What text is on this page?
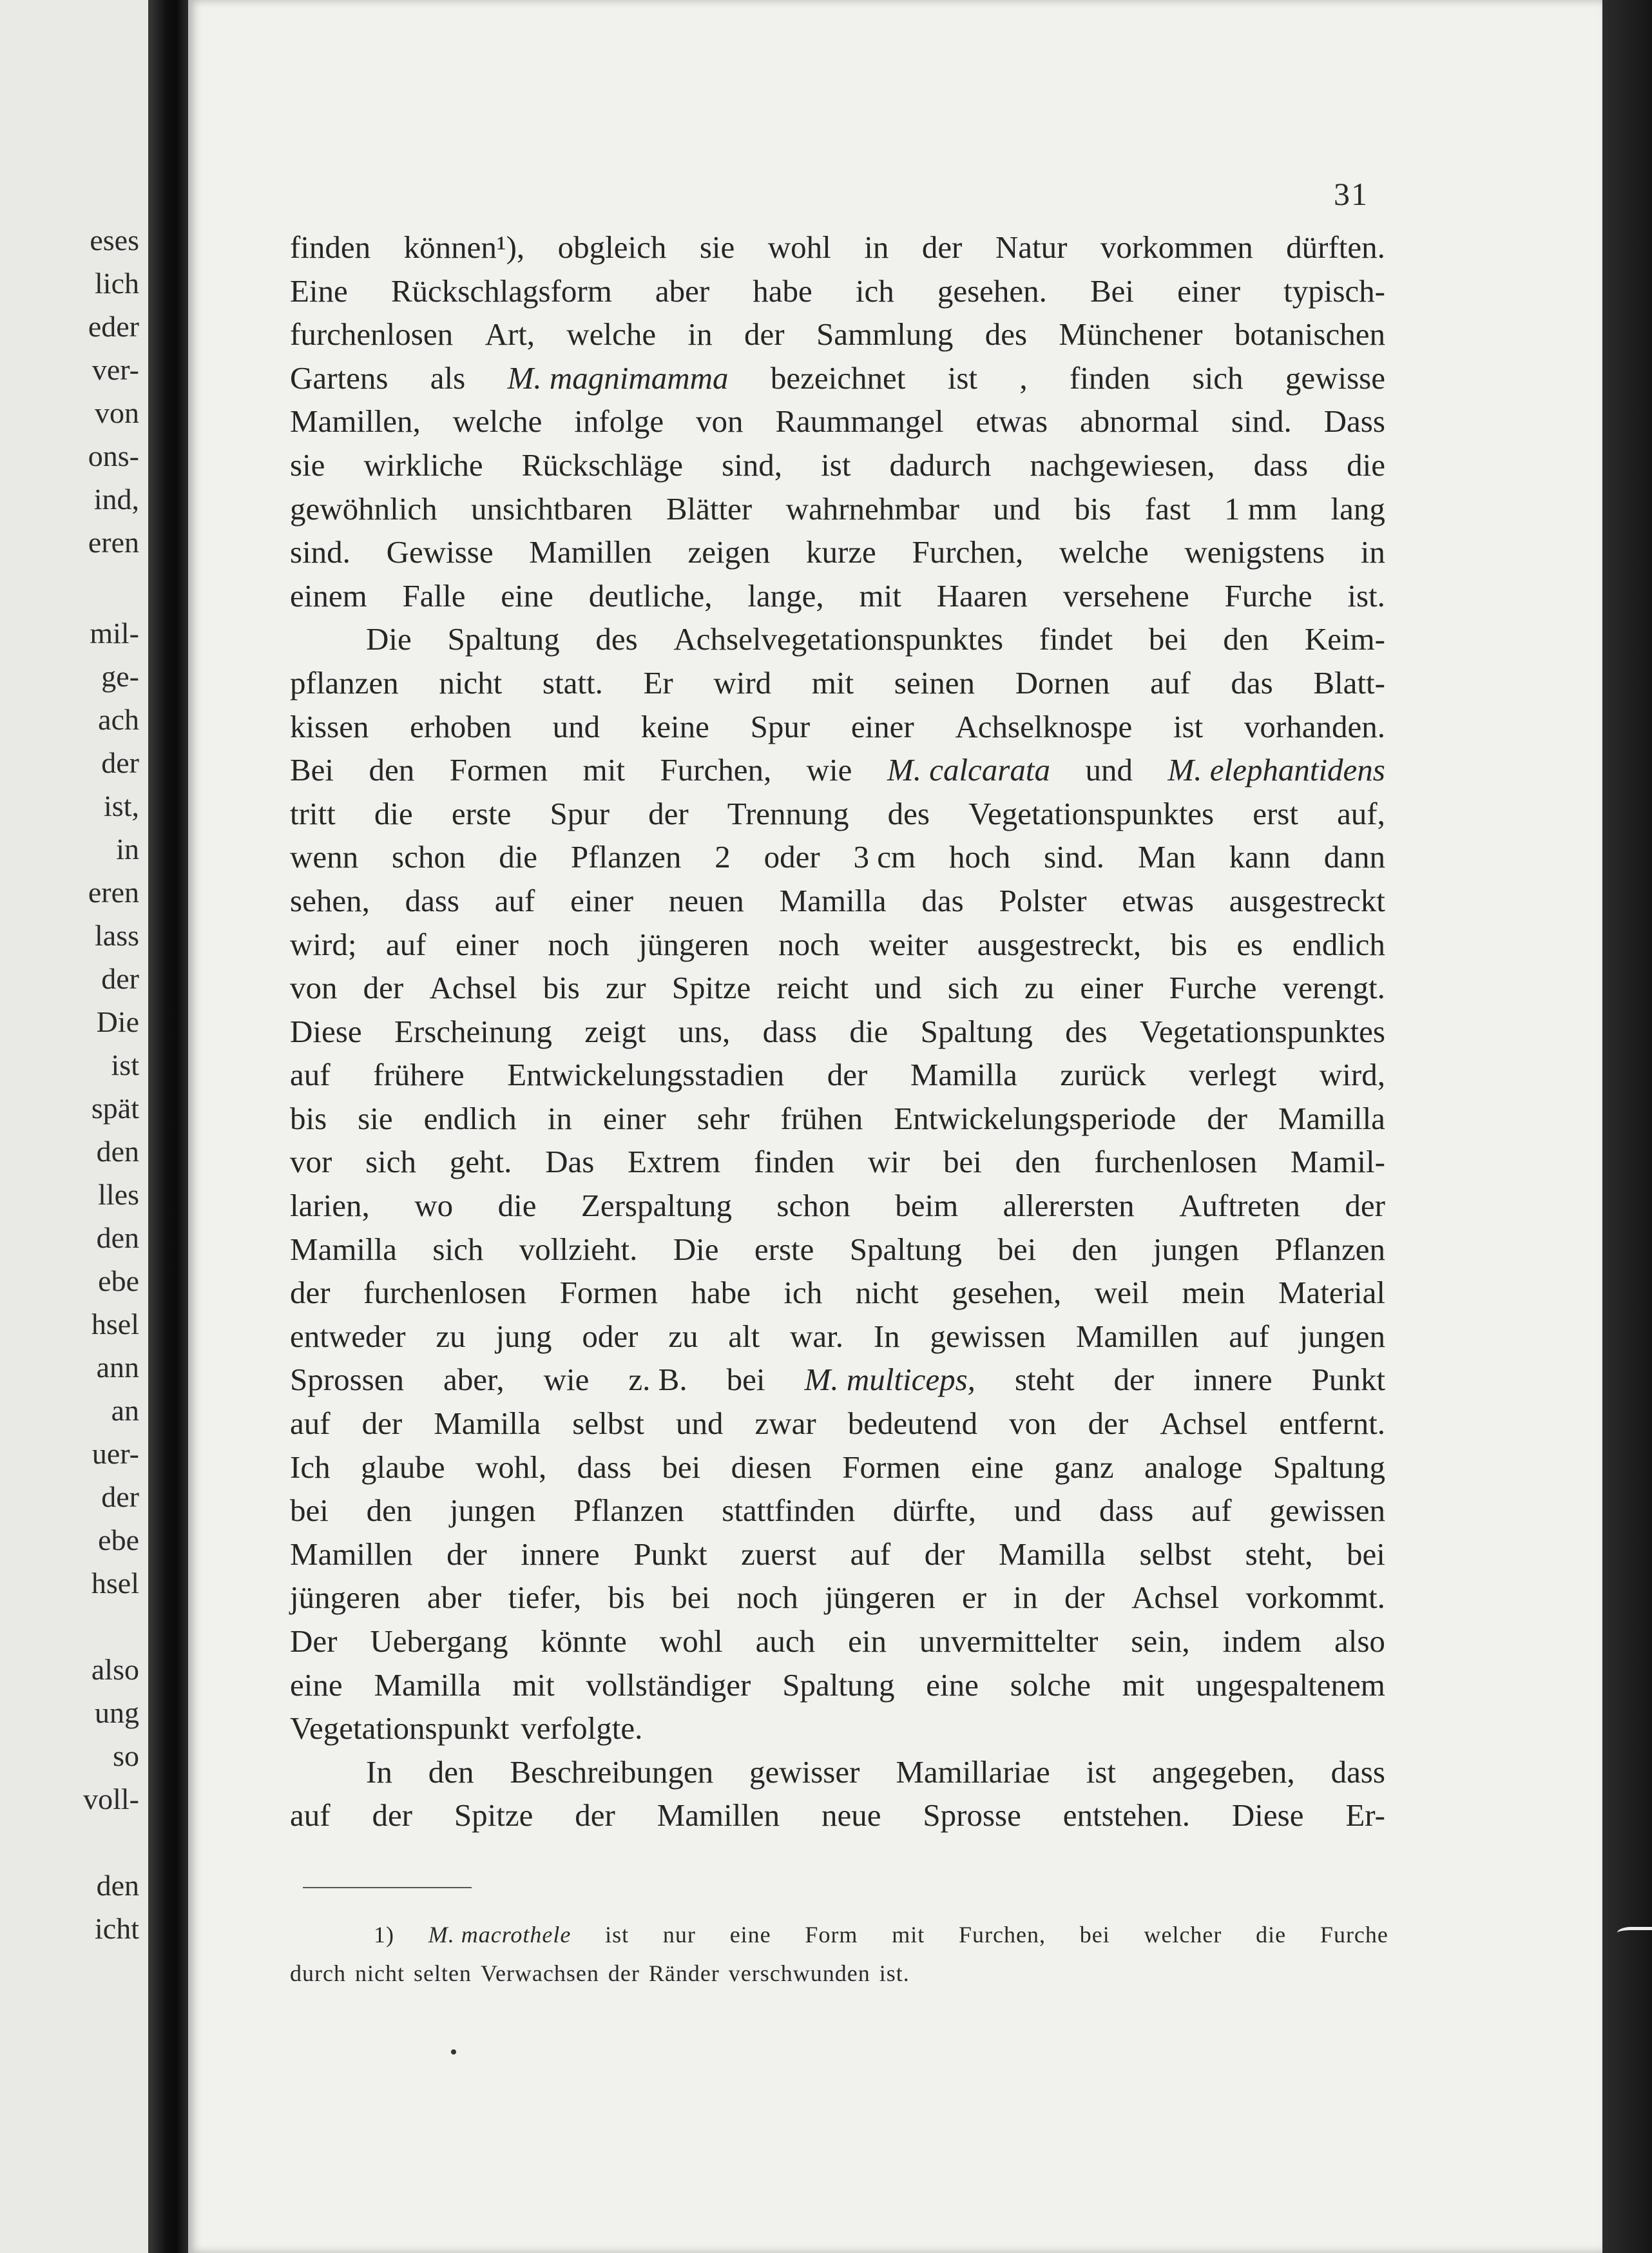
eses
lich
eder
ver-
von
ons-
ind,
eren
mil-
ge-
ach
der
ist,
in
eren
lass
der
Die
ist
spät
den
lles
den
ebe
hsel
ann
an
uer-
der
ebe
hsel
also
ung
so
voll-
den
icht
31
finden können¹), obgleich sie wohl in der Natur vorkommen dürften.
Eine Rückschlagsform aber habe ich gesehen. Bei einer typisch-
furchenlosen Art, welche in der Sammlung des Münchener botanischen
Gartens als M. magnimamma bezeichnet ist , finden sich gewisse
Mamillen, welche infolge von Raummangel etwas abnormal sind. Dass
sie wirkliche Rückschläge sind, ist dadurch nachgewiesen, dass die
gewöhnlich unsichtbaren Blätter wahrnehmbar und bis fast 1 mm lang
sind. Gewisse Mamillen zeigen kurze Furchen, welche wenigstens in
einem Falle eine deutliche, lange, mit Haaren versehene Furche ist.
Die Spaltung des Achselvegetationspunktes findet bei den Keim-
pflanzen nicht statt. Er wird mit seinen Dornen auf das Blatt-
kissen erhoben und keine Spur einer Achselknospe ist vorhanden.
Bei den Formen mit Furchen, wie M. calcarata und M. elephantidens
tritt die erste Spur der Trennung des Vegetationspunktes erst auf,
wenn schon die Pflanzen 2 oder 3 cm hoch sind. Man kann dann
sehen, dass auf einer neuen Mamilla das Polster etwas ausgestreckt
wird; auf einer noch jüngeren noch weiter ausgestreckt, bis es endlich
von der Achsel bis zur Spitze reicht und sich zu einer Furche verengt.
Diese Erscheinung zeigt uns, dass die Spaltung des Vegetationspunktes
auf frühere Entwickelungsstadien der Mamilla zurück verlegt wird,
bis sie endlich in einer sehr frühen Entwickelungsperiode der Mamilla
vor sich geht. Das Extrem finden wir bei den furchenlosen Mamil-
larien, wo die Zerspaltung schon beim allerersten Auftreten der
Mamilla sich vollzieht. Die erste Spaltung bei den jungen Pflanzen
der furchenlosen Formen habe ich nicht gesehen, weil mein Material
entweder zu jung oder zu alt war. In gewissen Mamillen auf jungen
Sprossen aber, wie z. B. bei M. multiceps, steht der innere Punkt
auf der Mamilla selbst und zwar bedeutend von der Achsel entfernt.
Ich glaube wohl, dass bei diesen Formen eine ganz analoge Spaltung
bei den jungen Pflanzen stattfinden dürfte, und dass auf gewissen
Mamillen der innere Punkt zuerst auf der Mamilla selbst steht, bei
jüngeren aber tiefer, bis bei noch jüngeren er in der Achsel vorkommt.
Der Uebergang könnte wohl auch ein unvermittelter sein, indem also
eine Mamilla mit vollständiger Spaltung eine solche mit ungespaltenem
Vegetationspunkt verfolgte.
In den Beschreibungen gewisser Mamillariae ist angegeben, dass
auf der Spitze der Mamillen neue Sprosse entstehen. Diese Er-
1) M. macrothele ist nur eine Form mit Furchen, bei welcher die Furche
durch nicht selten Verwachsen der Ränder verschwunden ist.
